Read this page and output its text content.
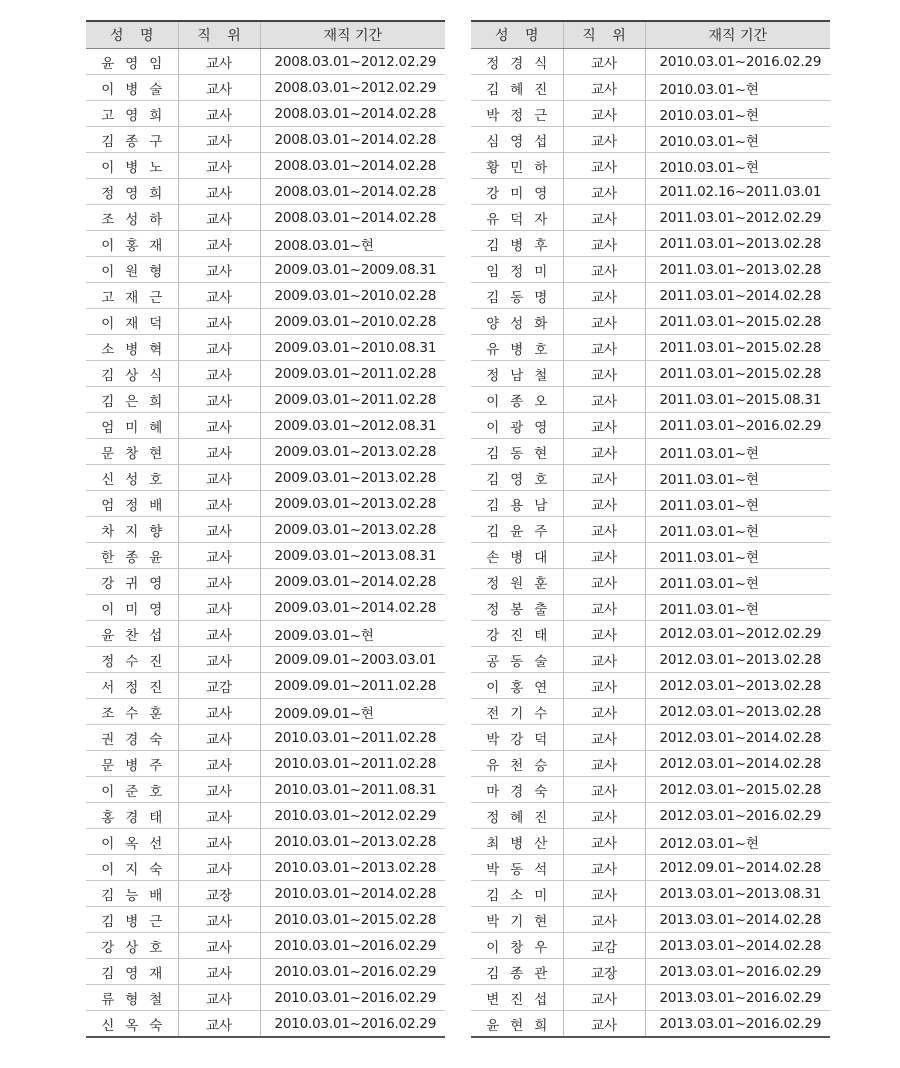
성 명	직 위	재직 기간
윤영임	교사	2008.03.01~2012.02.29
이병술	교사	2008.03.01~2012.02.29
고영희	교사	2008.03.01~2014.02.28
김종구	교사	2008.03.01~2014.02.28
이병노	교사	2008.03.01~2014.02.28
정영희	교사	2008.03.01~2014.02.28
조성하	교사	2008.03.01~2014.02.28
이홍재	교사	2008.03.01~현
이원형	교사	2009.03.01~2009.08.31
고재근	교사	2009.03.01~2010.02.28
이재덕	교사	2009.03.01~2010.02.28
소병혁	교사	2009.03.01~2010.08.31
김상식	교사	2009.03.01~2011.02.28
김은희	교사	2009.03.01~2011.02.28
엄미혜	교사	2009.03.01~2012.08.31
문창현	교사	2009.03.01~2013.02.28
신성호	교사	2009.03.01~2013.02.28
엄정배	교사	2009.03.01~2013.02.28
차지향	교사	2009.03.01~2013.02.28
한종윤	교사	2009.03.01~2013.08.31
강귀영	교사	2009.03.01~2014.02.28
이미영	교사	2009.03.01~2014.02.28
윤찬섭	교사	2009.03.01~현
정수진	교사	2009.09.01~2003.03.01
서정진	교감	2009.09.01~2011.02.28
조수훈	교사	2009.09.01~현
권경숙	교사	2010.03.01~2011.02.28
문병주	교사	2010.03.01~2011.02.28
이준호	교사	2010.03.01~2011.08.31
홍경태	교사	2010.03.01~2012.02.29
이옥선	교사	2010.03.01~2013.02.28
이지숙	교사	2010.03.01~2013.02.28
김능배	교장	2010.03.01~2014.02.28
김병근	교사	2010.03.01~2015.02.28
강상호	교사	2010.03.01~2016.02.29
김영재	교사	2010.03.01~2016.02.29
류형철	교사	2010.03.01~2016.02.29
신옥숙	교사	2010.03.01~2016.02.29
성 명	직 위	재직 기간
정경식	교사	2010.03.01~2016.02.29
김혜진	교사	2010.03.01~현
박정근	교사	2010.03.01~현
심영섭	교사	2010.03.01~현
황민하	교사	2010.03.01~현
강미영	교사	2011.02.16~2011.03.01
유덕자	교사	2011.03.01~2012.02.29
김병후	교사	2011.03.01~2013.02.28
임정미	교사	2011.03.01~2013.02.28
김동명	교사	2011.03.01~2014.02.28
양성화	교사	2011.03.01~2015.02.28
유병호	교사	2011.03.01~2015.02.28
정남철	교사	2011.03.01~2015.02.28
이종오	교사	2011.03.01~2015.08.31
이광영	교사	2011.03.01~2016.02.29
김동현	교사	2011.03.01~현
김영호	교사	2011.03.01~현
김용남	교사	2011.03.01~현
김윤주	교사	2011.03.01~현
손병대	교사	2011.03.01~현
정원훈	교사	2011.03.01~현
정봉출	교사	2011.03.01~현
강진태	교사	2012.03.01~2012.02.29
공동술	교사	2012.03.01~2013.02.28
이홍연	교사	2012.03.01~2013.02.28
전기수	교사	2012.03.01~2013.02.28
박강덕	교사	2012.03.01~2014.02.28
유천승	교사	2012.03.01~2014.02.28
마경숙	교사	2012.03.01~2015.02.28
정혜진	교사	2012.03.01~2016.02.29
최병산	교사	2012.03.01~현
박동석	교사	2012.09.01~2014.02.28
김소미	교사	2013.03.01~2013.08.31
박기현	교사	2013.03.01~2014.02.28
이창우	교감	2013.03.01~2014.02.28
김종관	교장	2013.03.01~2016.02.29
변진섭	교사	2013.03.01~2016.02.29
윤현희	교사	2013.03.01~2016.02.29
